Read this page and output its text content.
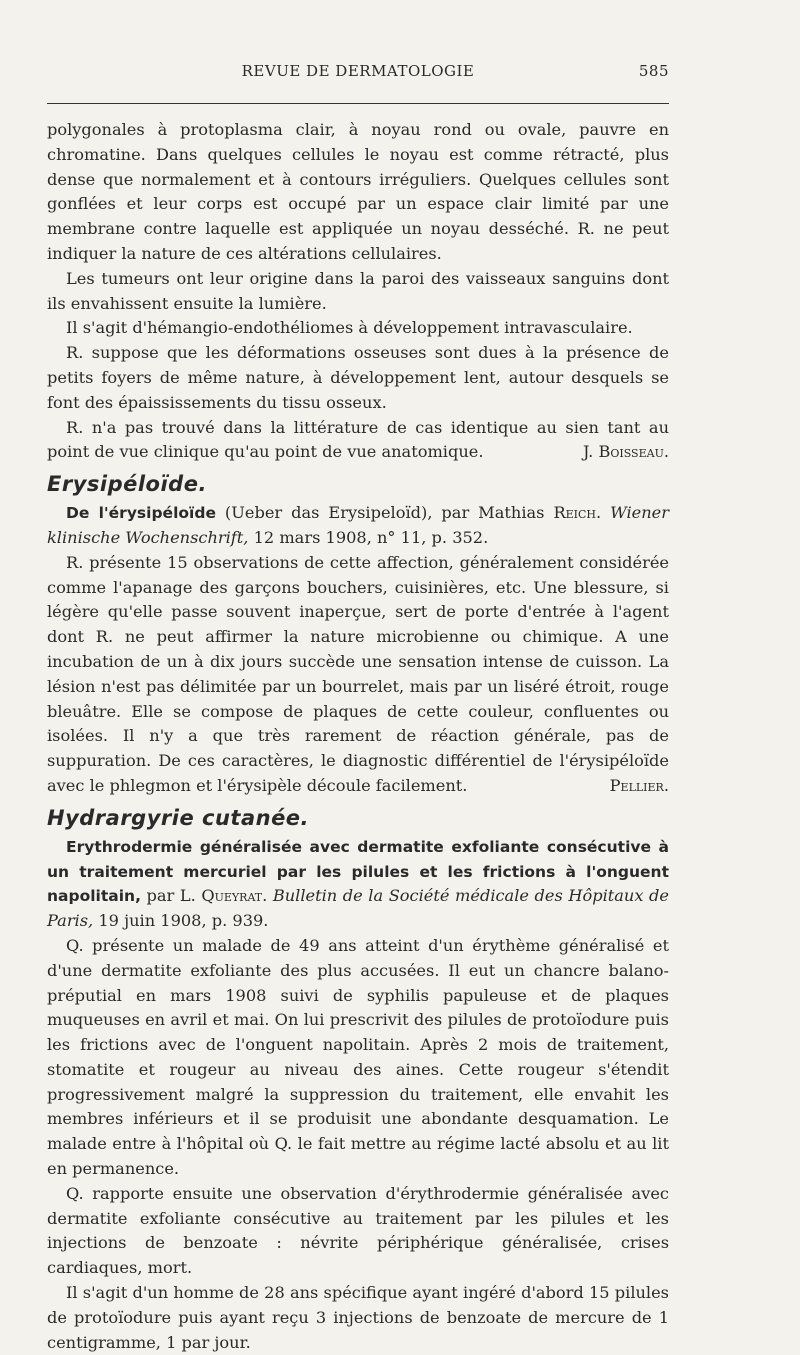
REVUE DE DERMATOLOGIE	585

polygonales à protoplasma clair, à noyau rond ou ovale, pauvre en chromatine. Dans quelques cellules le noyau est comme rétracté, plus dense que normalement et à contours irréguliers. Quelques cellules sont gonflées et leur corps est occupé par un espace clair limité par une membrane contre laquelle est appliquée un noyau desséché. R. ne peut indiquer la nature de ces altérations cellulaires.

Les tumeurs ont leur origine dans la paroi des vaisseaux sanguins dont ils envahissent ensuite la lumière.

Il s'agit d'hémangio-endothéliomes à développement intravasculaire.

R. suppose que les déformations osseuses sont dues à la présence de petits foyers de même nature, à développement lent, autour desquels se font des épaississements du tissu osseux.

R. n'a pas trouvé dans la littérature de cas identique au sien tant au point de vue clinique qu'au point de vue anatomique.	J. Boisseau.

Erysipéloïde.

De l'érysipéloïde (Ueber das Erysipeloïd), par Mathias Reich. Wiener klinische Wochenschrift, 12 mars 1908, n° 11, p. 352.

R. présente 15 observations de cette affection, généralement considérée comme l'apanage des garçons bouchers, cuisinières, etc. Une blessure, si légère qu'elle passe souvent inaperçue, sert de porte d'entrée à l'agent dont R. ne peut affirmer la nature microbienne ou chimique. A une incubation de un à dix jours succède une sensation intense de cuisson. La lésion n'est pas délimitée par un bourrelet, mais par un liséré étroit, rouge bleuâtre. Elle se compose de plaques de cette couleur, confluentes ou isolées. Il n'y a que très rarement de réaction générale, pas de suppuration. De ces caractères, le diagnostic différentiel de l'érysipéloïde avec le phlegmon et l'érysipèle découle facilement.	Pellier.

Hydrargyrie cutanée.

Erythrodermie généralisée avec dermatite exfoliante consécutive à un traitement mercuriel par les pilules et les frictions à l'onguent napolitain, par L. Queyrat. Bulletin de la Société médicale des Hôpitaux de Paris, 19 juin 1908, p. 939.

Q. présente un malade de 49 ans atteint d'un érythème généralisé et d'une dermatite exfoliante des plus accusées. Il eut un chancre balano-préputial en mars 1908 suivi de syphilis papuleuse et de plaques muqueuses en avril et mai. On lui prescrivit des pilules de protoïodure puis les frictions avec de l'onguent napolitain. Après 2 mois de traitement, stomatite et rougeur au niveau des aines. Cette rougeur s'étendit progressivement malgré la suppression du traitement, elle envahit les membres inférieurs et il se produisit une abondante desquamation. Le malade entre à l'hôpital où Q. le fait mettre au régime lacté absolu et au lit en permanence.

Q. rapporte ensuite une observation d'érythrodermie généralisée avec dermatite exfoliante consécutive au traitement par les pilules et les injections de benzoate : névrite périphérique généralisée, crises cardiaques, mort.

Il s'agit d'un homme de 28 ans spécifique ayant ingéré d'abord 15 pilules de protoïodure puis ayant reçu 3 injections de benzoate de mercure de 1 centigramme, 1 par jour.
